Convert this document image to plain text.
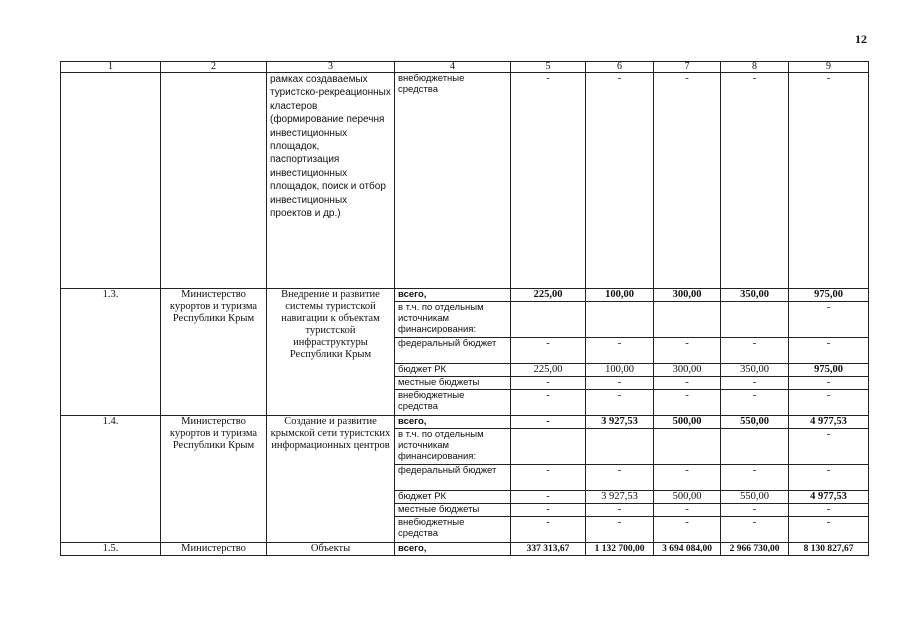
12
1	2	3	4	5	6	7	8	9
		рамках создаваемых туристско-рекреационных кластеров (формирование перечня инвестиционных площадок, паспортизация инвестиционных площадок, поиск и отбор инвестиционных проектов и др.)	внебюджетные средства	-	-	-	-	-
1.3.	Министерство курортов и туризма Республики Крым	Внедрение и развитие системы туристской навигации к объектам туристской инфраструктуры Республики Крым	всего,	225,00	100,00	300,00	350,00	975,00
			в т.ч. по отдельным источникам финансирования:					-
			федеральный бюджет	-	-	-	-	-
			бюджет РК	225,00	100,00	300,00	350,00	975,00
			местные бюджеты	-	-	-	-	-
			внебюджетные средства	-	-	-	-	-
1.4.	Министерство курортов и туризма Республики Крым	Создание и развитие крымской сети туристских информационных центров	всего,	-	3 927,53	500,00	550,00	4 977,53
			в т.ч. по отдельным источникам финансирования:					-
			федеральный бюджет	-	-	-	-	-
			бюджет РК	-	3 927,53	500,00	550,00	4 977,53
			местные бюджеты	-	-	-	-	-
			внебюджетные средства	-	-	-	-	-
1.5.	Министерство	Объекты	всего,	337 313,67	1 132 700,00	3 694 084,00	2 966 730,00	8 130 827,67
